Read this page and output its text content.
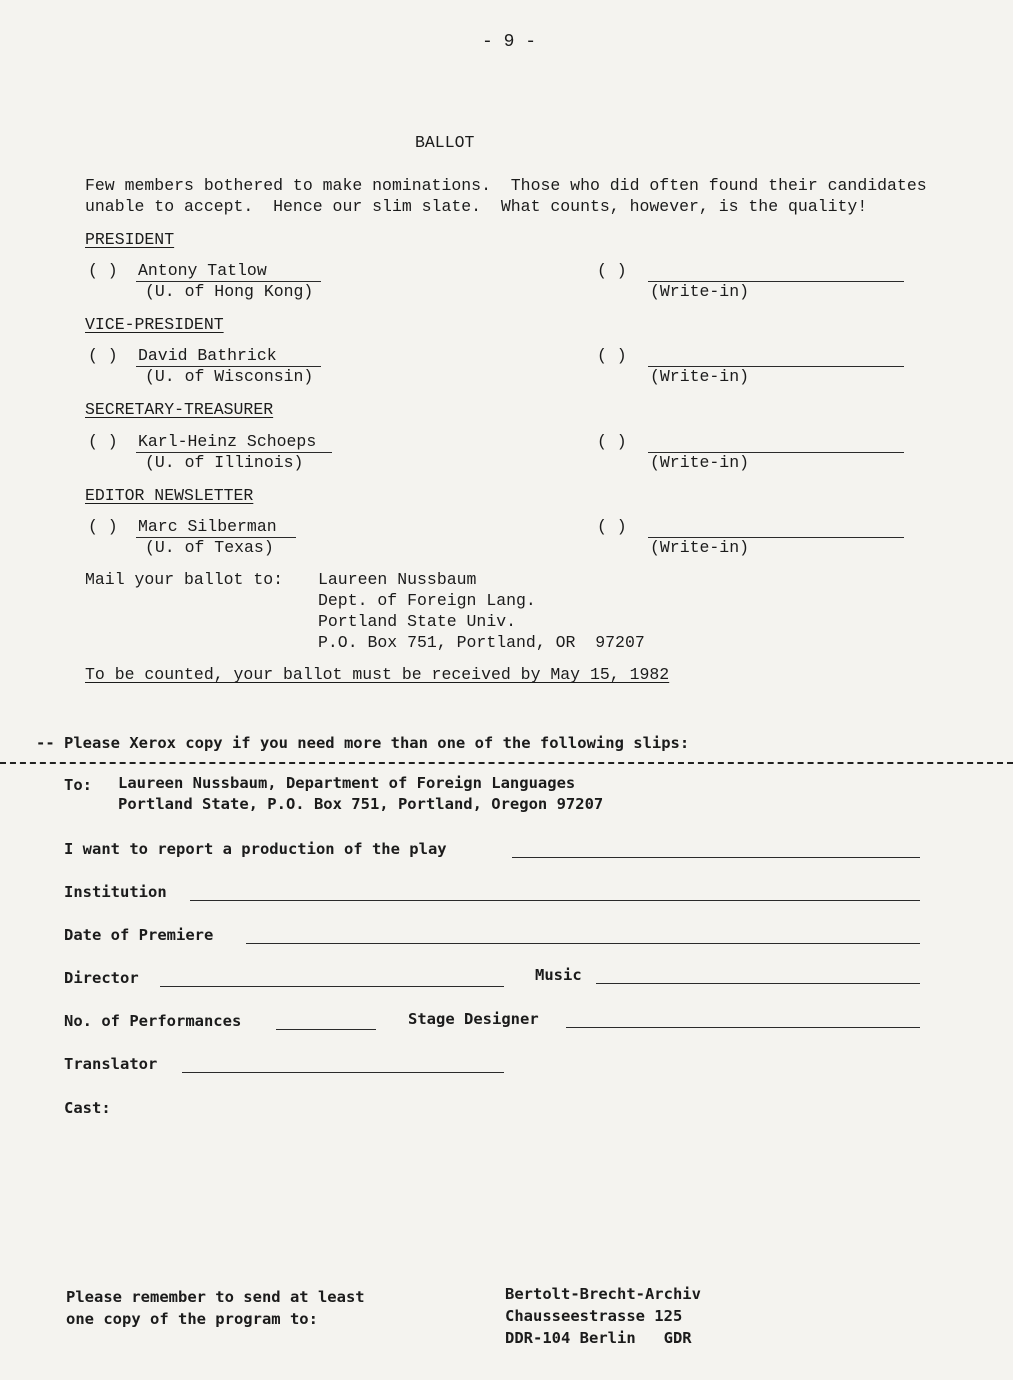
- 9 -
BALLOT
Few members bothered to make nominations.  Those who did often found their candidates
unable to accept.  Hence our slim slate.  What counts, however, is the quality!
PRESIDENT
( ) Antony Tatlow
(U. of Hong Kong)
( )
(Write-in)
VICE-PRESIDENT
( ) David Bathrick
(U. of Wisconsin)
( )
(Write-in)
SECRETARY-TREASURER
( ) Karl-Heinz Schoeps
(U. of Illinois)
( )
(Write-in)
EDITOR NEWSLETTER
( ) Marc Silberman
(U. of Texas)
( )
(Write-in)
Mail your ballot to: Laureen Nussbaum
Dept. of Foreign Lang.
Portland State Univ.
P.O. Box 751, Portland, OR  97207
To be counted, your ballot must be received by May 15, 1982
-- Please Xerox copy if you need more than one of the following slips:
To: Laureen Nussbaum, Department of Foreign Languages
Portland State, P.O. Box 751, Portland, Oregon 97207
I want to report a production of the play
Institution
Date of Premiere
Director	Music
No. of Performances	Stage Designer
Translator
Cast:
Please remember to send at least
one copy of the program to:
Bertolt-Brecht-Archiv
Chausseestrasse 125
DDR-104 Berlin   GDR
